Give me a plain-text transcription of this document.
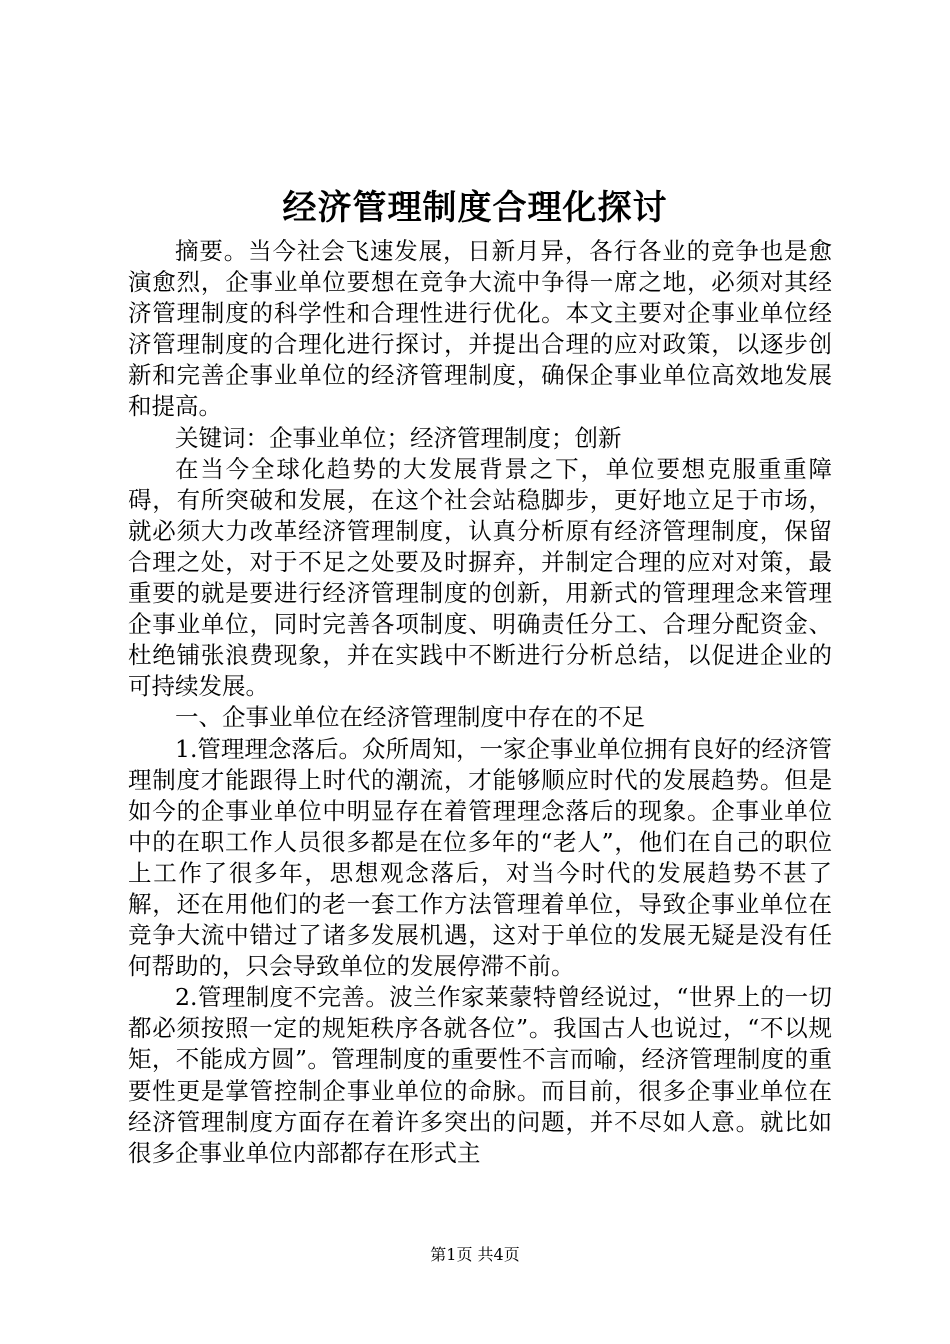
经济管理制度合理化探讨

摘要。当今社会飞速发展，日新月异，各行各业的竞争也是愈演愈烈，企事业单位要想在竞争大流中争得一席之地，必须对其经济管理制度的科学性和合理性进行优化。本文主要对企事业单位经济管理制度的合理化进行探讨，并提出合理的应对政策，以逐步创新和完善企事业单位的经济管理制度，确保企事业单位高效地发展和提高。

关键词：企事业单位；经济管理制度；创新

在当今全球化趋势的大发展背景之下，单位要想克服重重障碍，有所突破和发展，在这个社会站稳脚步，更好地立足于市场，就必须大力改革经济管理制度，认真分析原有经济管理制度，保留合理之处，对于不足之处要及时摒弃，并制定合理的应对对策，最重要的就是要进行经济管理制度的创新，用新式的管理理念来管理企事业单位，同时完善各项制度、明确责任分工、合理分配资金、杜绝铺张浪费现象，并在实践中不断进行分析总结，以促进企业的可持续发展。

一、企事业单位在经济管理制度中存在的不足

1.管理理念落后。众所周知，一家企事业单位拥有良好的经济管理制度才能跟得上时代的潮流，才能够顺应时代的发展趋势。但是如今的企事业单位中明显存在着管理理念落后的现象。企事业单位中的在职工作人员很多都是在位多年的“老人”，他们在自己的职位上工作了很多年，思想观念落后，对当今时代的发展趋势不甚了解，还在用他们的老一套工作方法管理着单位，导致企事业单位在竞争大流中错过了诸多发展机遇，这对于单位的发展无疑是没有任何帮助的，只会导致单位的发展停滞不前。

2.管理制度不完善。波兰作家莱蒙特曾经说过，“世界上的一切都必须按照一定的规矩秩序各就各位”。我国古人也说过，“不以规矩，不能成方圆”。管理制度的重要性不言而喻，经济管理制度的重要性更是掌管控制企事业单位的命脉。而目前，很多企事业单位在经济管理制度方面存在着许多突出的问题，并不尽如人意。就比如很多企事业单位内部都存在形式主

第1页 共4页
